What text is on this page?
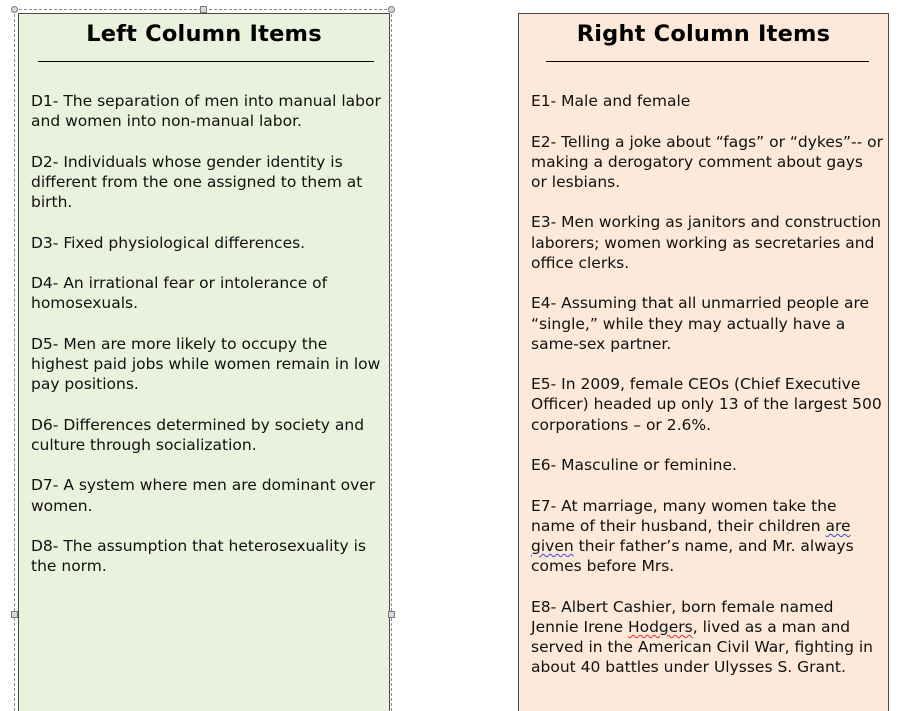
Left Column Items
D1- The separation of men into manual labor and women into non-manual labor.
D2- Individuals whose gender identity is different from the one assigned to them at birth.
D3- Fixed physiological differences.
D4- An irrational fear or intolerance of homosexuals.
D5- Men are more likely to occupy the highest paid jobs while women remain in low pay positions.
D6- Differences determined by society and culture through socialization.
D7- A system where men are dominant over women.
D8- The assumption that heterosexuality is the norm.
Right Column Items
E1- Male and female
E2- Telling a joke about “fags” or “dykes”-- or making a derogatory comment about gays or lesbians.
E3- Men working as janitors and construction laborers; women working as secretaries and office clerks.
E4- Assuming that all unmarried people are “single,” while they may actually have a same-sex partner.
E5- In 2009, female CEOs (Chief Executive Officer) headed up only 13 of the largest 500 corporations – or 2.6%.
E6- Masculine or feminine.
E7- At marriage, many women take the name of their husband, their children are given their father’s name, and Mr. always comes before Mrs.
E8- Albert Cashier, born female named Jennie Irene Hodgers, lived as a man and served in the American Civil War, fighting in about 40 battles under Ulysses S. Grant.
